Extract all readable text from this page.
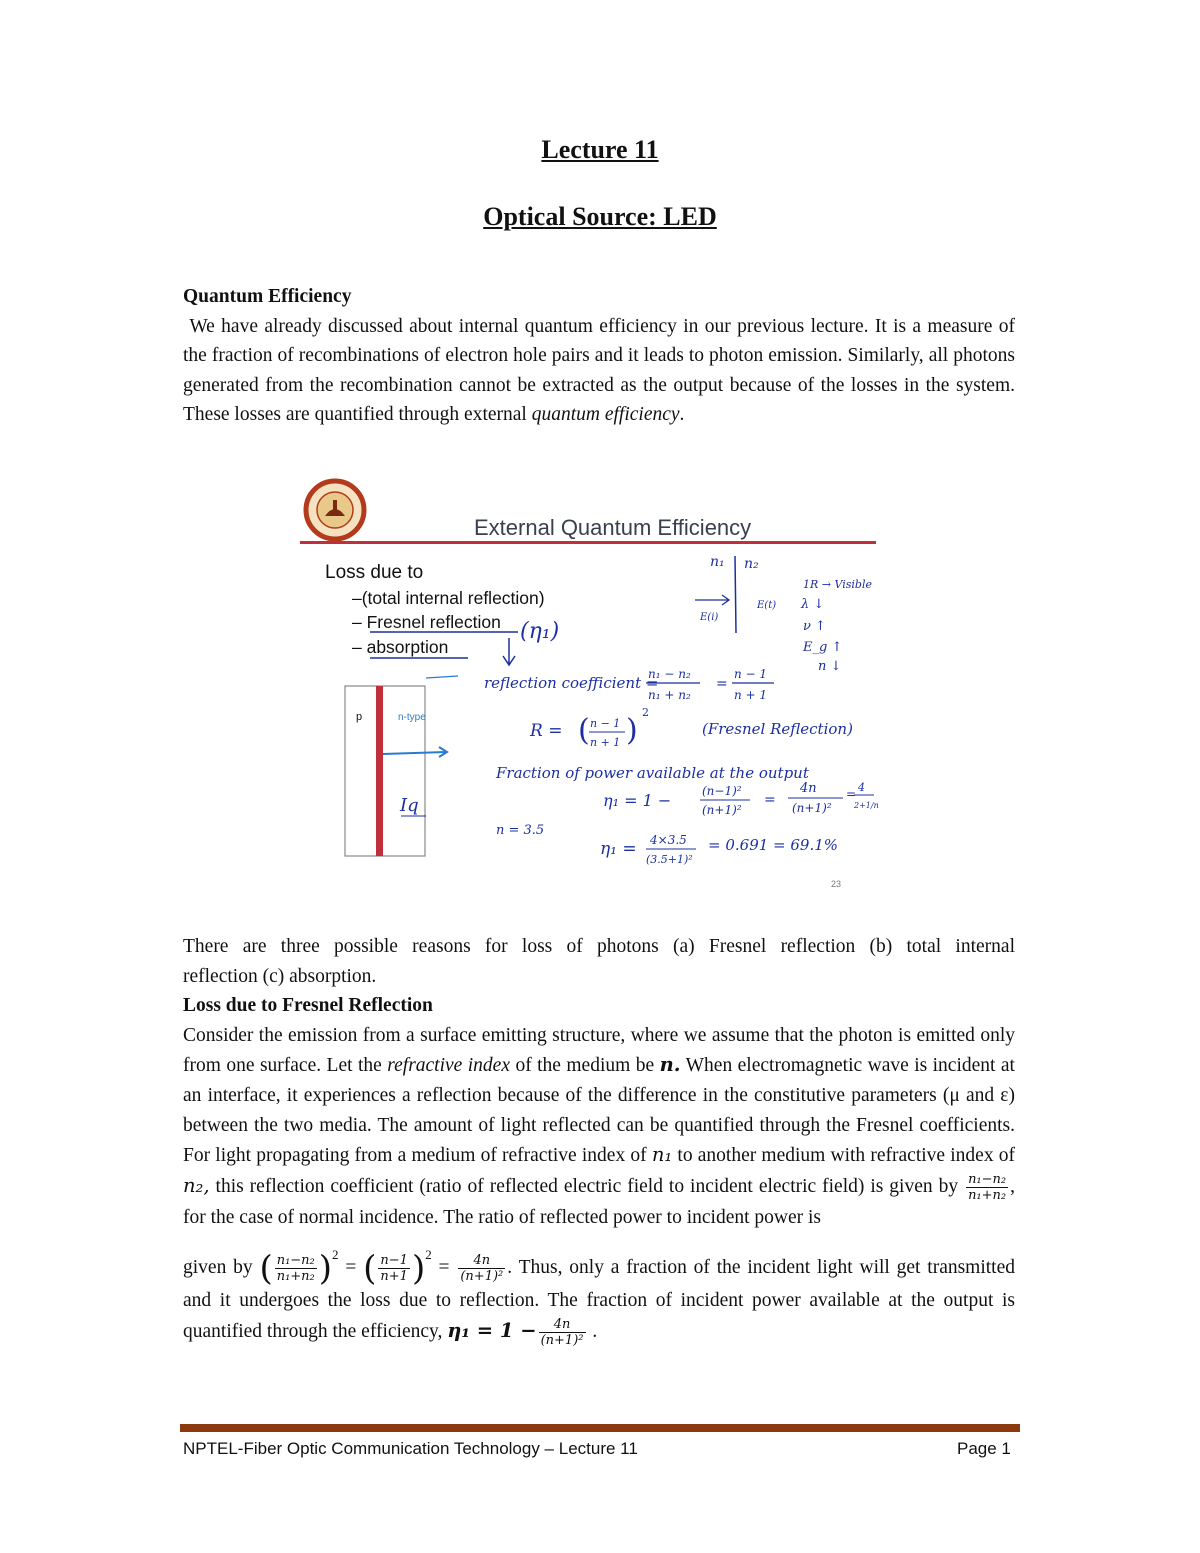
Lecture 11
Optical Source: LED
Quantum Efficiency
We have already discussed about internal quantum efficiency in our previous lecture. It is a measure of the fraction of recombinations of electron hole pairs and it leads to photon emission. Similarly, all photons generated from the recombination cannot be extracted as the output because of the losses in the system. These losses are quantified through external quantum efficiency.
External Quantum Efficiency
Loss due to
–(total internal reflection)
– Fresnel reflection
– absorption
(η₁)
n₁ n₂
E(i)
E(t)
1R → Visible
λ ↓
ν ↑
E_g ↑
n ↓
p	n-type
Iq
reflection coefficient =
n₁ − n₂
n₁ + n₂
=
n − 1
n + 1
R = ( n − 1
n + 1 )
2
(Fresnel Reflection)
Fraction of power available at the output
η₁ = 1 −	(n−1)²
(n+1)²
=
4n
(n+1)²
= 4
2+1/n
n = 3.5
η₁ = 4×3.5
(3.5+1)²
= 0.691 = 69.1%
23
There are three possible reasons for loss of photons (a) Fresnel reflection (b) total internal
reflection (c) absorption.
Loss due to Fresnel Reflection
Consider the emission from a surface emitting structure, where we assume that the photon is emitted only from one surface. Let the refractive index of the medium be n. When electromagnetic wave is incident at an interface, it experiences a reflection because of the difference in the constitutive parameters (μ and ε) between the two media. The amount of light reflected can be quantified through the Fresnel coefficients. For light propagating from a medium of refractive index of n₁ to another medium with refractive index of n₂, this reflection coefficient (ratio of reflected electric field to incident electric field) is given by $\frac{\text{n₁−n₂}}{\text{n₁+n₂}}$ , for the case of normal incidence. The ratio of reflected power to incident power is
given by ( $\frac{\text{n₁−n₂}}{\text{n₁+n₂}} )^2$ = ( $\frac{n-1}{n+1} )^2 = \frac{4n}{\text{(n+1)²}}$ . Thus, only a fraction of the incident light will get transmitted and it undergoes the loss due to reflection. The fraction of incident power available at the output is quantified through the efficiency, $\eta_1 = 1 - \frac{4n}{\text{(n+1)²}}$ .
NPTEL-Fiber Optic Communication Technology – Lecture 11	Page 1
